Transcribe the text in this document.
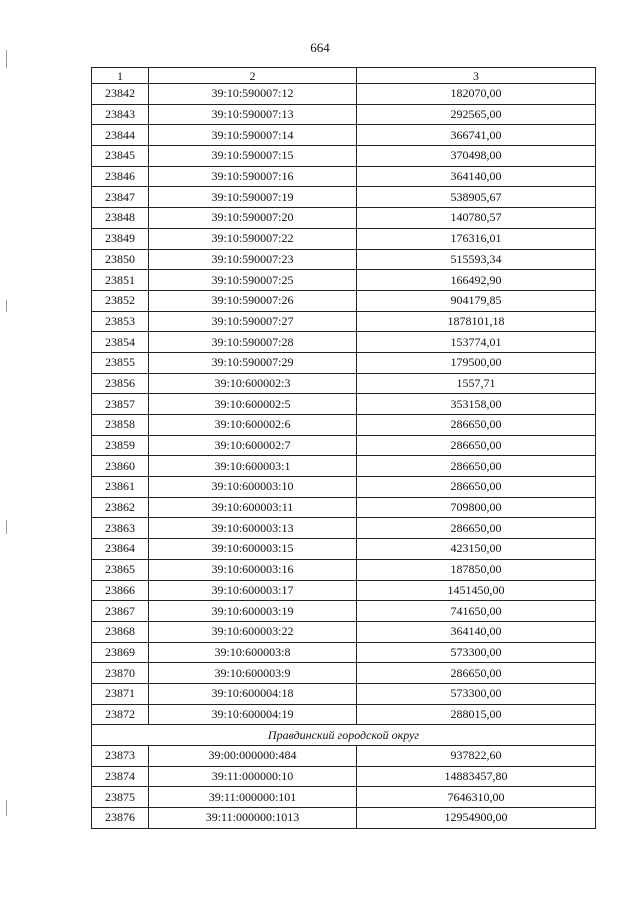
664
1	2	3
23842	39:10:590007:12	182070,00
23843	39:10:590007:13	292565,00
23844	39:10:590007:14	366741,00
23845	39:10:590007:15	370498,00
23846	39:10:590007:16	364140,00
23847	39:10:590007:19	538905,67
23848	39:10:590007:20	140780,57
23849	39:10:590007:22	176316,01
23850	39:10:590007:23	515593,34
23851	39:10:590007:25	166492,90
23852	39:10:590007:26	904179,85
23853	39:10:590007:27	1878101,18
23854	39:10:590007:28	153774,01
23855	39:10:590007:29	179500,00
23856	39:10:600002:3	1557,71
23857	39:10:600002:5	353158,00
23858	39:10:600002:6	286650,00
23859	39:10:600002:7	286650,00
23860	39:10:600003:1	286650,00
23861	39:10:600003:10	286650,00
23862	39:10:600003:11	709800,00
23863	39:10:600003:13	286650,00
23864	39:10:600003:15	423150,00
23865	39:10:600003:16	187850,00
23866	39:10:600003:17	1451450,00
23867	39:10:600003:19	741650,00
23868	39:10:600003:22	364140,00
23869	39:10:600003:8	573300,00
23870	39:10:600003:9	286650,00
23871	39:10:600004:18	573300,00
23872	39:10:600004:19	288015,00
Правдинский городской округ		
23873	39:00:000000:484	937822,60
23874	39:11:000000:10	14883457,80
23875	39:11:000000:101	7646310,00
23876	39:11:000000:1013	12954900,00
